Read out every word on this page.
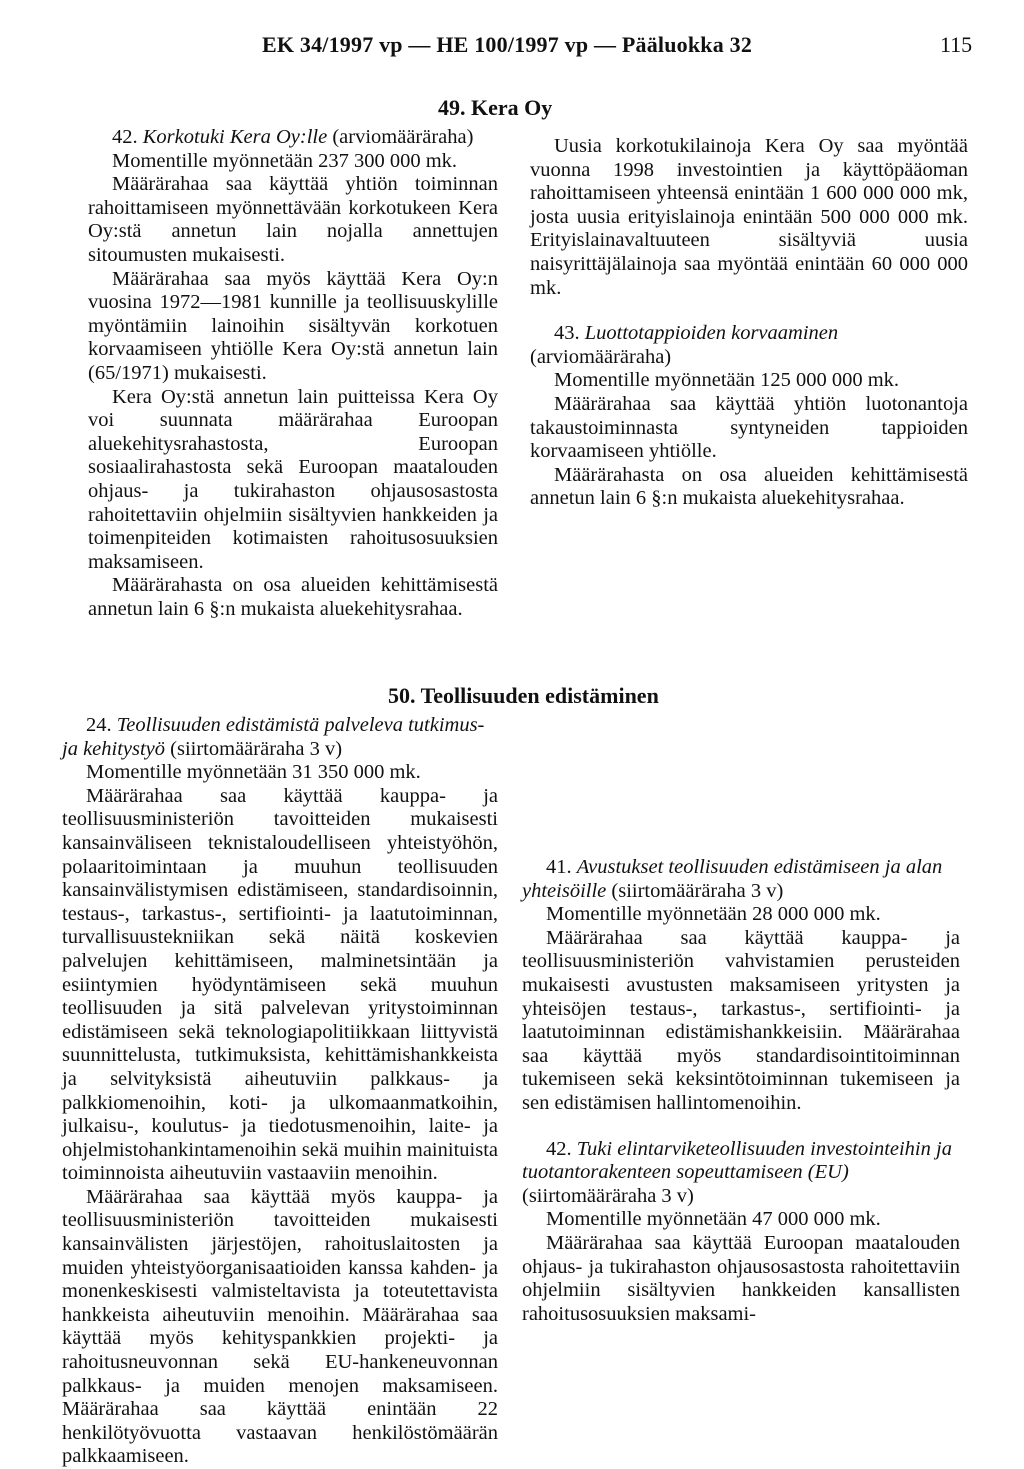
EK 34/1997 vp — HE 100/1997 vp — Pääluokka 32	115
49. Kera Oy

42. Korkotuki Kera Oy:lle (arviomääräraha)

Momentille myönnetään 237 300 000 mk.

Määrärahaa saa käyttää yhtiön toiminnan rahoittamiseen myönnettävään korkotukeen Kera Oy:stä annetun lain nojalla annettujen sitoumusten mukaisesti.

Määrärahaa saa myös käyttää Kera Oy:n vuosina 1972—1981 kunnille ja teollisuuskylille myöntämiin lainoihin sisältyvän korkotuen korvaamiseen yhtiölle Kera Oy:stä annetun lain (65/1971) mukaisesti.

Kera Oy:stä annetun lain puitteissa Kera Oy voi suunnata määrärahaa Euroopan aluekehitysrahastosta, Euroopan sosiaalirahastosta sekä Euroopan maatalouden ohjaus- ja tukirahaston ohjausosastosta rahoitettaviin ohjelmiin sisältyvien hankkeiden ja toimenpiteiden kotimaisten rahoitusosuuksien maksamiseen.

Määrärahasta on osa alueiden kehittämisestä annetun lain 6 §:n mukaista aluekehitysrahaa.

Uusia korkotukilainoja Kera Oy saa myöntää vuonna 1998 investointien ja käyttöpääoman rahoittamiseen yhteensä enintään 1 600 000 000 mk, josta uusia erityislainoja enintään 500 000 000 mk. Erityislainavaltuuteen sisältyviä uusia naisyrittäjälainoja saa myöntää enintään 60 000 000 mk.

43. Luottotappioiden korvaaminen (arviomääräraha)

Momentille myönnetään 125 000 000 mk.

Määrärahaa saa käyttää yhtiön luotonantoja takaustoiminnasta syntyneiden tappioiden korvaamiseen yhtiölle.

Määrärahasta on osa alueiden kehittämisestä annetun lain 6 §:n mukaista aluekehitysrahaa.

50. Teollisuuden edistäminen

24. Teollisuuden edistämistä palveleva tutkimus- ja kehitystyö (siirtomääräraha 3 v)

Momentille myönnetään 31 350 000 mk.

Määrärahaa saa käyttää kauppa- ja teollisuusministeriön tavoitteiden mukaisesti kansainväliseen teknistaloudelliseen yhteistyöhön, polaaritoimintaan ja muuhun teollisuuden kansainvälistymisen edistämiseen, standardisoinnin, testaus-, tarkastus-, sertifiointi- ja laatutoiminnan, turvallisuustekniikan sekä näitä koskevien palvelujen kehittämiseen, malminetsintään ja esiintymien hyödyntämiseen sekä muuhun teollisuuden ja sitä palvelevan yritystoiminnan edistämiseen sekä teknologiapolitiikkaan liittyvistä suunnittelusta, tutkimuksista, kehittämishankkeista ja selvityksistä aiheutuviin palkkaus- ja palkkiomenoihin, koti- ja ulkomaanmatkoihin, julkaisu-, koulutus- ja tiedotusmenoihin, laite- ja ohjelmistohankintamenoihin sekä muihin mainituista toiminnoista aiheutuviin vastaaviin menoihin.

Määrärahaa saa käyttää myös kauppa- ja teollisuusministeriön tavoitteiden mukaisesti kansainvälisten järjestöjen, rahoituslaitosten ja muiden yhteistyöorganisaatioiden kanssa kahden- ja monenkeskisesti valmisteltavista ja toteutettavista hankkeista aiheutuviin menoihin. Määrärahaa saa käyttää myös kehityspankkien projekti- ja rahoitusneuvonnan sekä EU-hankeneuvonnan palkkaus- ja muiden menojen maksamiseen. Määrärahaa saa käyttää enintään 22 henkilötyövuotta vastaavan henkilöstömäärän palkkaamiseen.

41. Avustukset teollisuuden edistämiseen ja alan yhteisöille (siirtomääräraha 3 v)

Momentille myönnetään 28 000 000 mk.

Määrärahaa saa käyttää kauppa- ja teollisuusministeriön vahvistamien perusteiden mukaisesti avustusten maksamiseen yritysten ja yhteisöjen testaus-, tarkastus-, sertifiointi- ja laatutoiminnan edistämishankkeisiin. Määrärahaa saa käyttää myös standardisointitoiminnan tukemiseen sekä keksintötoiminnan tukemiseen ja sen edistämisen hallintomenoihin.

42. Tuki elintarviketeollisuuden investointeihin ja tuotantorakenteen sopeuttamiseen (EU) (siirtomääräraha 3 v)

Momentille myönnetään 47 000 000 mk.

Määrärahaa saa käyttää Euroopan maatalouden ohjaus- ja tukirahaston ohjausosastosta rahoitettaviin ohjelmiin sisältyvien hankkeiden kansallisten rahoitusosuuksien maksami-
